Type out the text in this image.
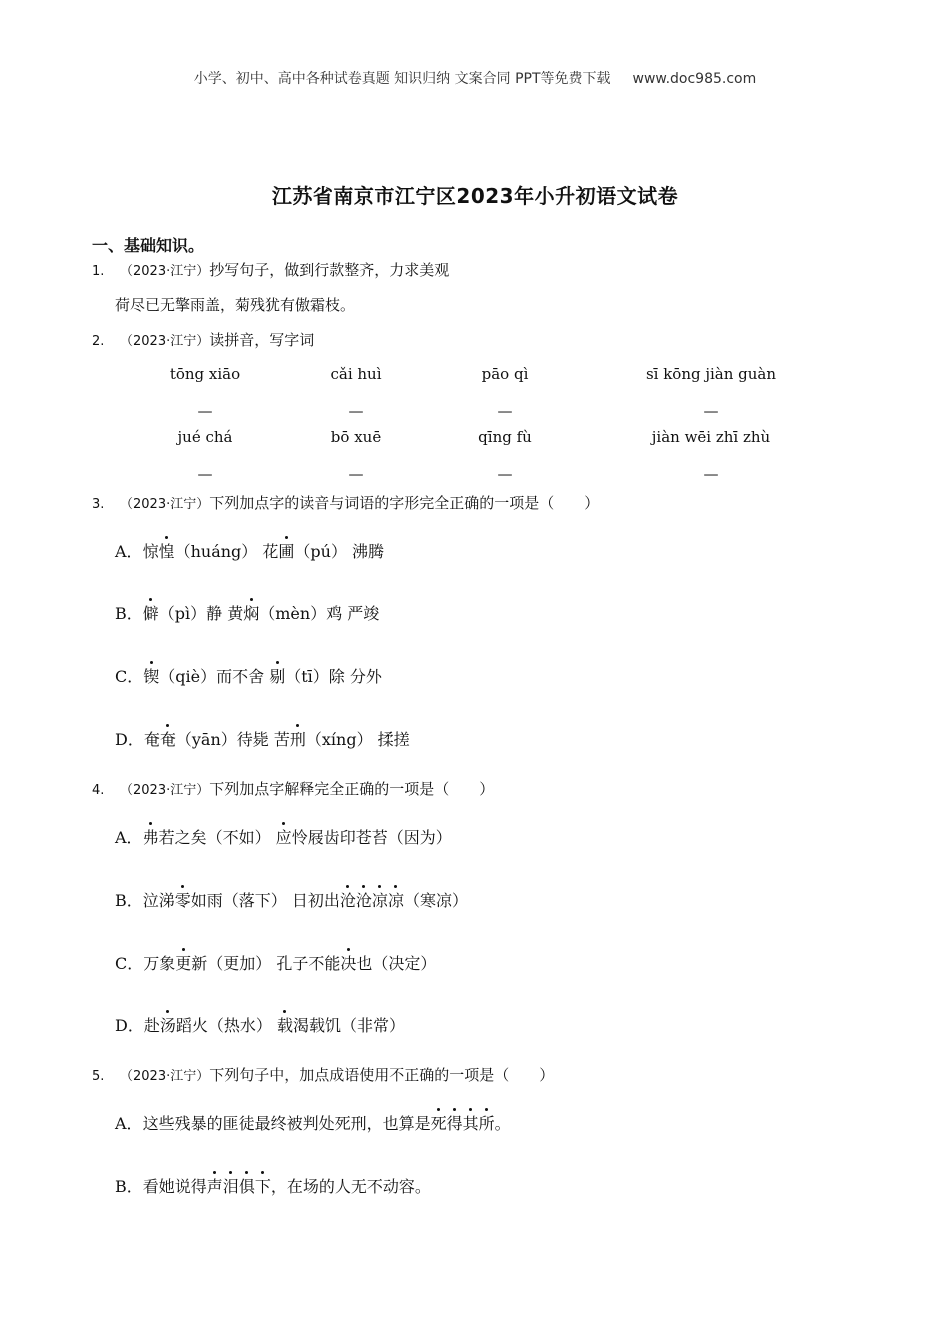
小学、初中、高中各种试卷真题 知识归纳 文案合同 PPT等免费下载 www.doc985.com
江苏省南京市江宁区2023年小升初语文试卷
一、基础知识。
1. （2023·江宁）抄写句子，做到行款整齐，力求美观
荷尽已无擎雨盖，菊残犹有傲霜枝。
2. （2023·江宁）读拼音，写字词
tōng xiāo	cǎi huì	pāo qì	sī kōng jiàn guàn
—	—	—	—
jué chá	bō xuē	qīng fù	jiàn wēi zhī zhù
—	—	—	—
3. （2023·江宁）下列加点字的读音与词语的字形完全正确的一项是（　　）
A．惊惶（huáng） 花圃（pú） 沸腾
B．僻（pì）静 黄焖（mèn）鸡 严竣
C．锲（qiè）而不舍 剔（tī）除 分外
D．奄奄（yān）待毙 苦刑（xíng） 揉搓
4. （2023·江宁）下列加点字解释完全正确的一项是（　　）
A．弗若之矣（不如） 应怜屐齿印苍苔（因为）
B．泣涕零如雨（落下） 日初出沧沧凉凉（寒凉）
C．万象更新（更加） 孔子不能决也（决定）
D．赴汤蹈火（热水） 载渴载饥（非常）
5. （2023·江宁）下列句子中，加点成语使用不正确的一项是（　　）
A．这些残暴的匪徒最终被判处死刑，也算是死得其所。
B．看她说得声泪俱下，在场的人无不动容。
